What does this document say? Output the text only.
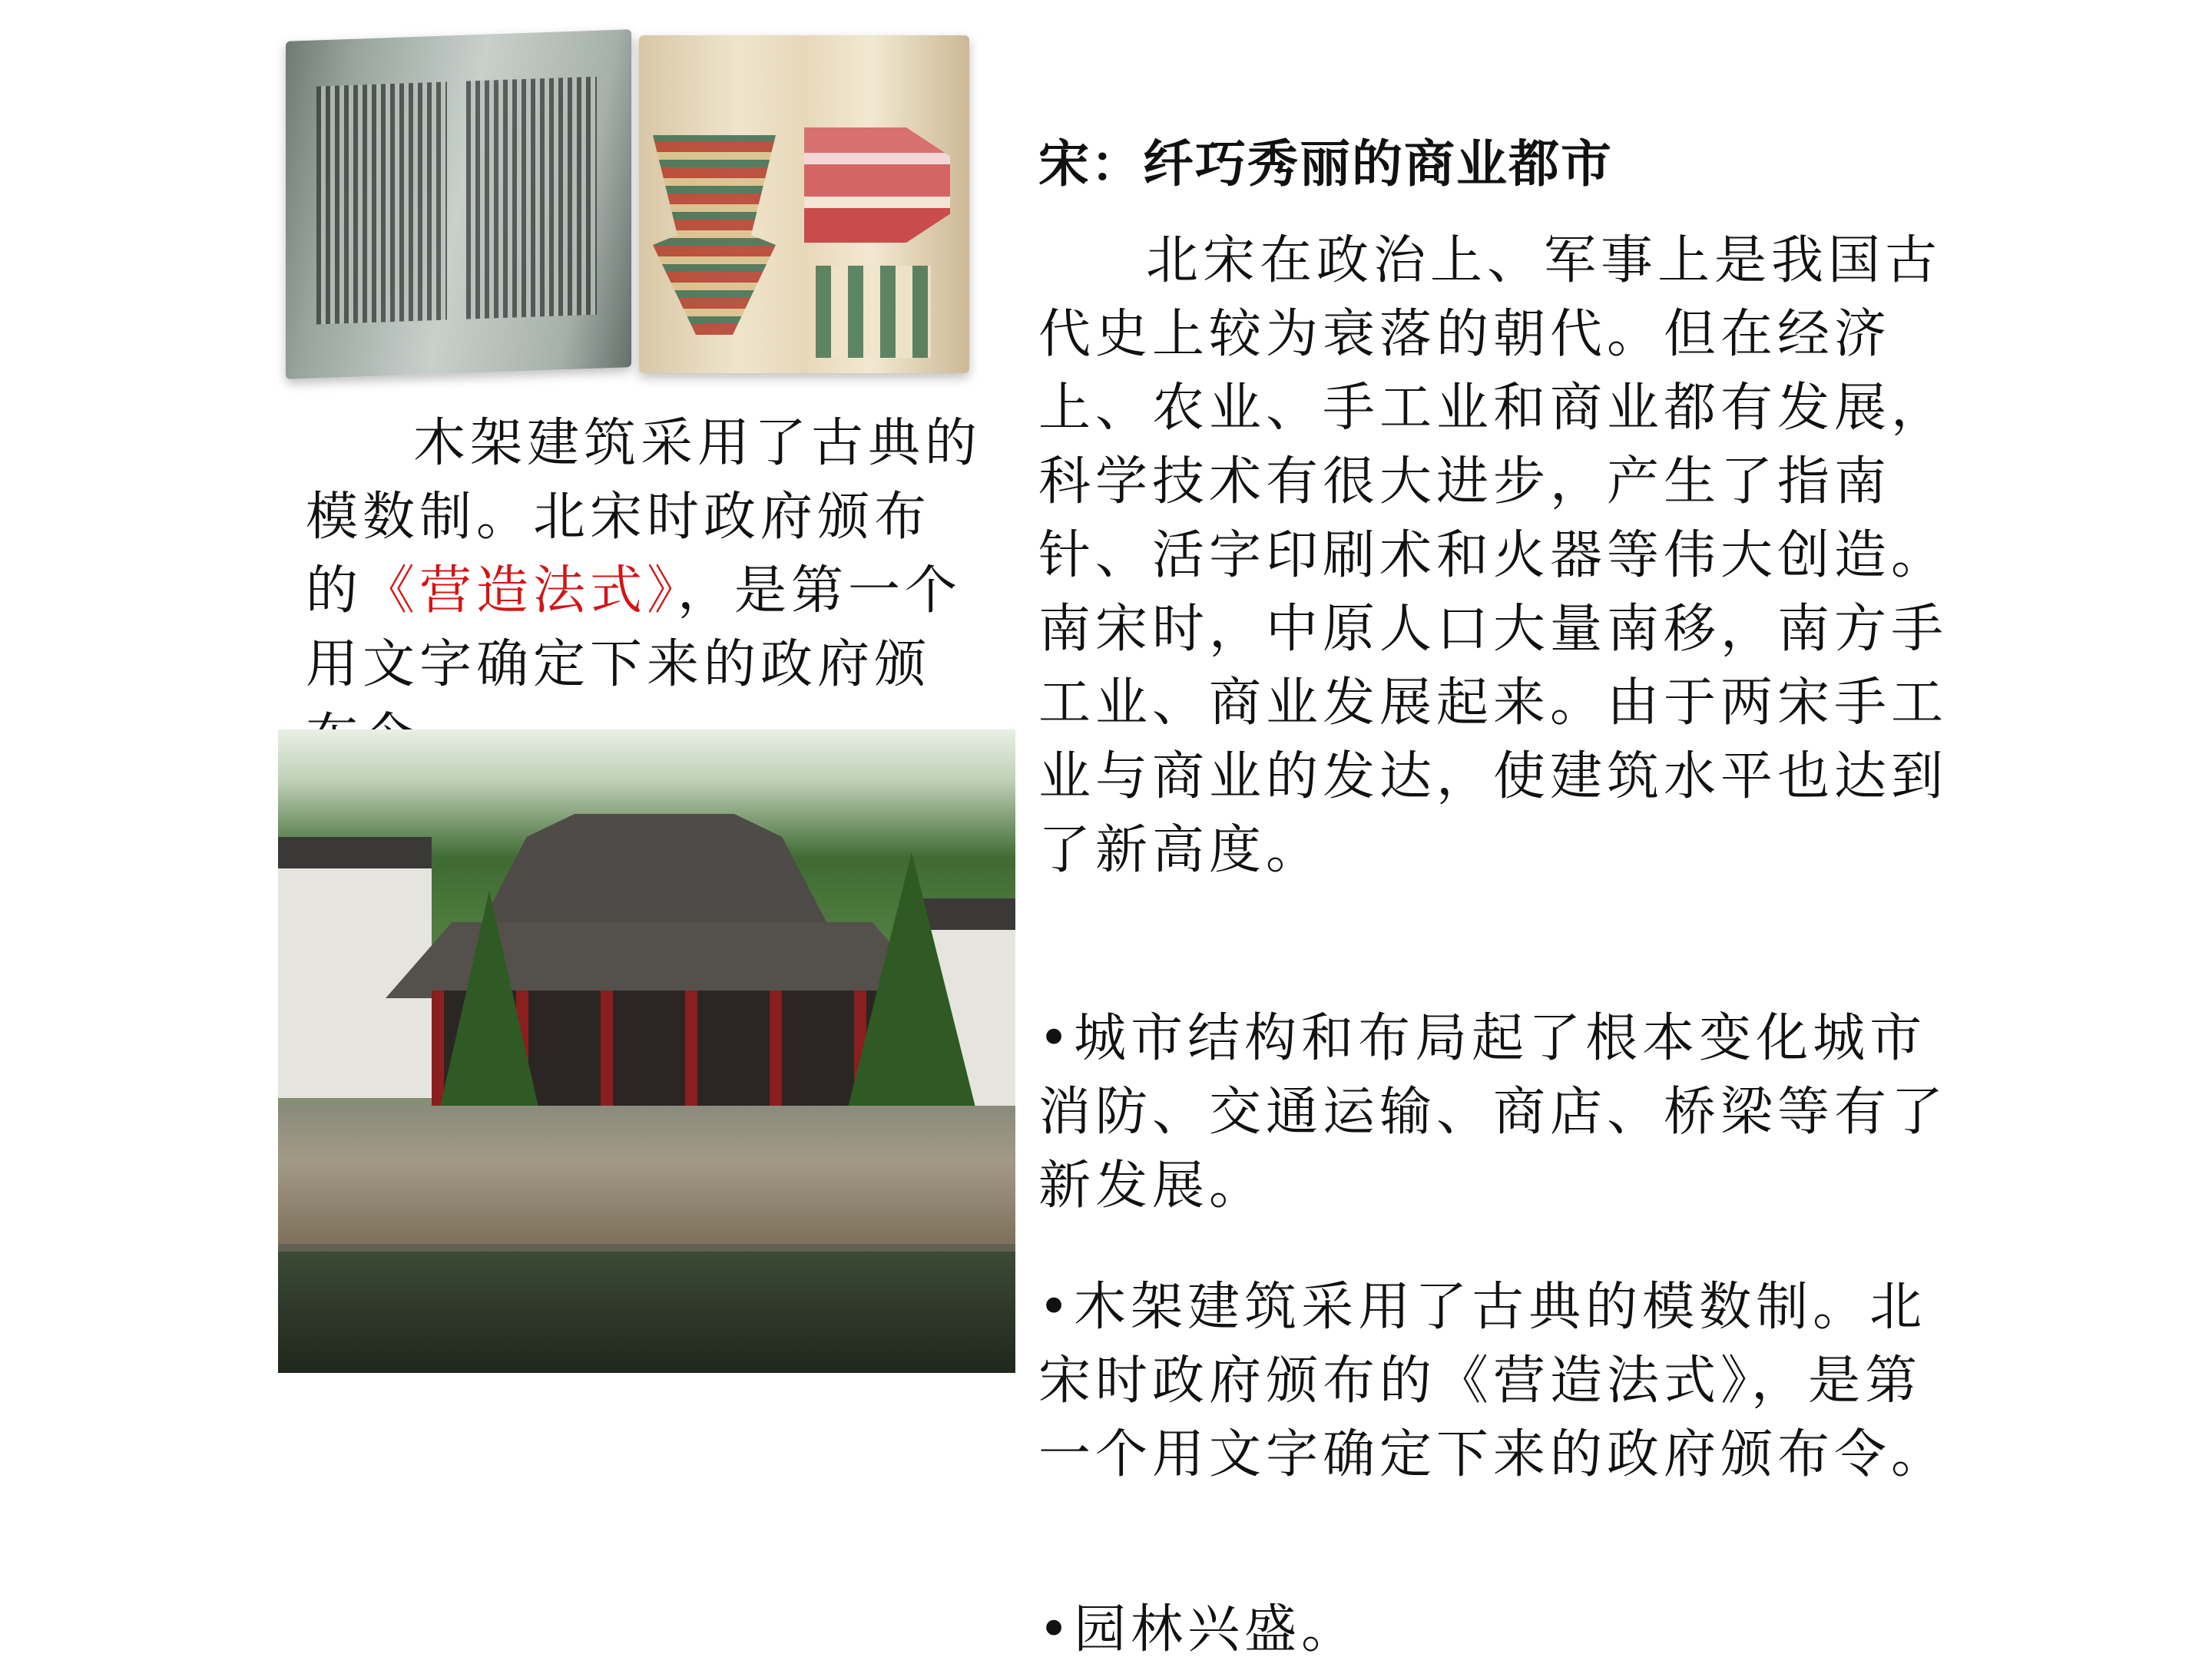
木架建筑采用了古典的模数制。北宋时政府颁布的《营造法式》，是第一个用文字确定下来的政府颁
宋：纤巧秀丽的商业都市
北宋在政治上、军事上是我国古代史上较为衰落的朝代。但在经济上、农业、手工业和商业都有发展，科学技术有很大进步，产生了指南针、活字印刷术和火器等伟大创造。南宋时，中原人口大量南移，南方手工业、商业发展起来。由于两宋手工业与商业的发达，使建筑水平也达到了新高度。
•城市结构和布局起了根本变化城市消防、交通运输、商店、桥梁等有了新发展。
•木架建筑采用了古典的模数制。北宋时政府颁布的《营造法式》，是第一个用文字确定下来的政府颁布令。
•园林兴盛。
